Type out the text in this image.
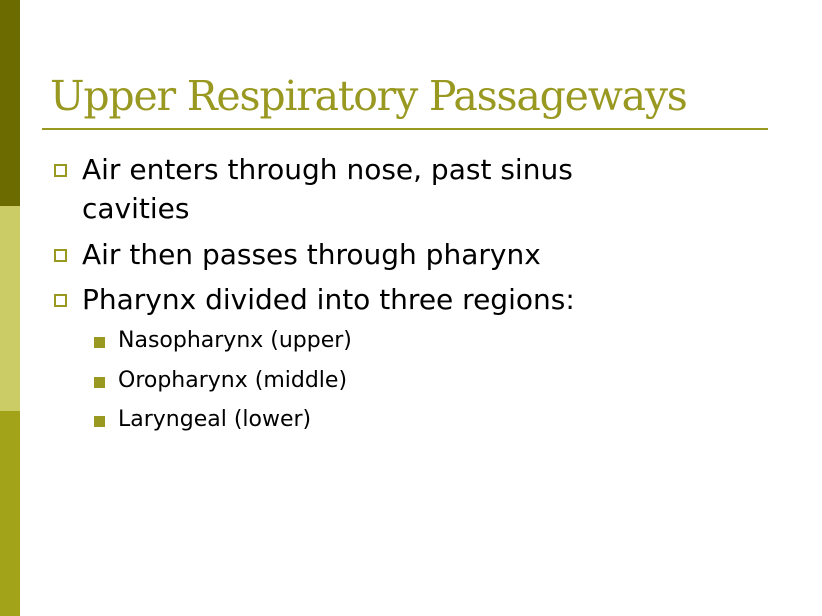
Upper Respiratory Passageways
Air enters through nose, past sinus
cavities
Air then passes through pharynx
Pharynx divided into three regions:
Nasopharynx (upper)
Oropharynx (middle)
Laryngeal (lower)
